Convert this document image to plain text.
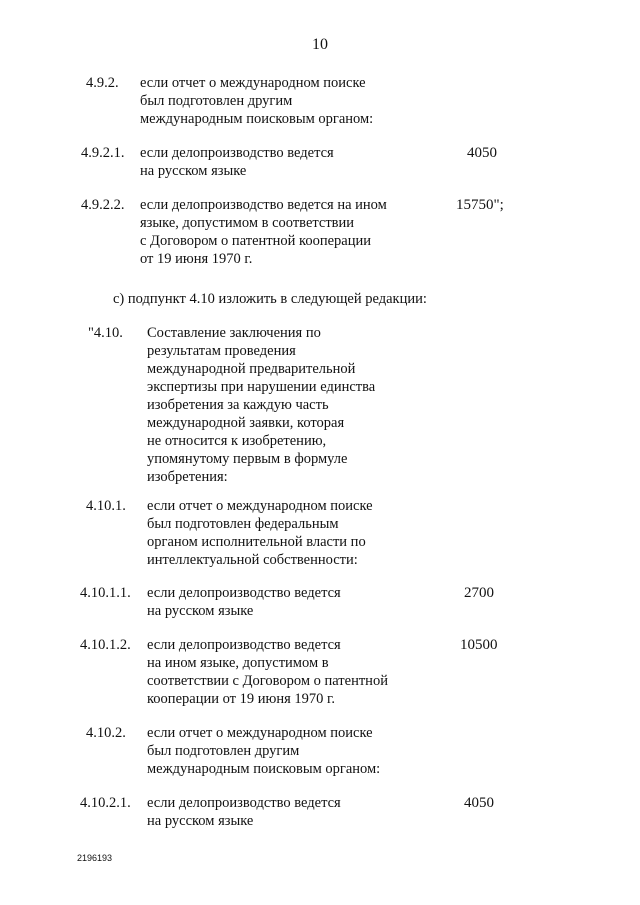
10
4.9.2. если отчет о международном поиске
был подготовлен другим
международным поисковым органом:
4.9.2.1. если делопроизводство ведется
на русском языке
4050
4.9.2.2. если делопроизводство ведется на ином
языке, допустимом в соответствии
с Договором о патентной кооперации
от 19 июня 1970 г.
15750";
с) подпункт 4.10 изложить в следующей редакции:
"4.10. Составление заключения по
результатам проведения
международной предварительной
экспертизы при нарушении единства
изобретения за каждую часть
международной заявки, которая
не относится к изобретению,
упомянутому первым в формуле
изобретения:
4.10.1. если отчет о международном поиске
был подготовлен федеральным
органом исполнительной власти по
интеллектуальной собственности:
4.10.1.1. если делопроизводство ведется
на русском языке
2700
4.10.1.2. если делопроизводство ведется
на ином языке, допустимом в
соответствии с Договором о патентной
кооперации от 19 июня 1970 г.
10500
4.10.2. если отчет о международном поиске
был подготовлен другим
международным поисковым органом:
4.10.2.1. если делопроизводство ведется
на русском языке
4050
2196193
